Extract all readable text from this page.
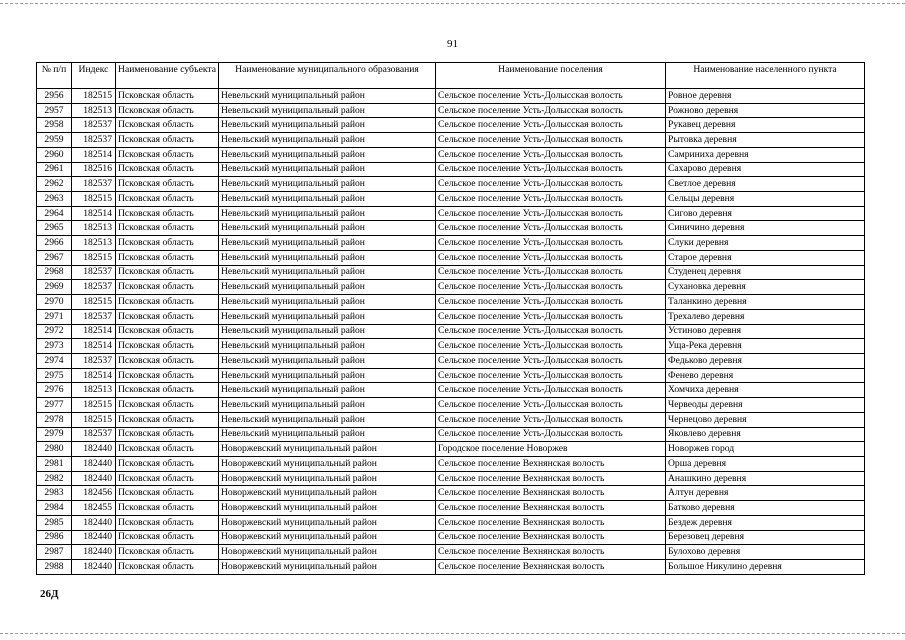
91
№ п/п	Индекс	Наименование субъекта	Наименование муниципального образования	Наименование поселения	Наименование населенного пункта
2956	182515	Псковская область	Невельский муниципальный район	Сельское поселение Усть-Долысская волость	Ровное деревня
2957	182513	Псковская область	Невельский муниципальный район	Сельское поселение Усть-Долысская волость	Рожново деревня
2958	182537	Псковская область	Невельский муниципальный район	Сельское поселение Усть-Долысская волость	Рукавец деревня
2959	182537	Псковская область	Невельский муниципальный район	Сельское поселение Усть-Долысская волость	Рытовка деревня
2960	182514	Псковская область	Невельский муниципальный район	Сельское поселение Усть-Долысская волость	Самриниха деревня
2961	182516	Псковская область	Невельский муниципальный район	Сельское поселение Усть-Долысская волость	Сахарово деревня
2962	182537	Псковская область	Невельский муниципальный район	Сельское поселение Усть-Долысская волость	Светлое деревня
2963	182515	Псковская область	Невельский муниципальный район	Сельское поселение Усть-Долысская волость	Сельцы деревня
2964	182514	Псковская область	Невельский муниципальный район	Сельское поселение Усть-Долысская волость	Сигово деревня
2965	182513	Псковская область	Невельский муниципальный район	Сельское поселение Усть-Долысская волость	Синичино деревня
2966	182513	Псковская область	Невельский муниципальный район	Сельское поселение Усть-Долысская волость	Слуки деревня
2967	182515	Псковская область	Невельский муниципальный район	Сельское поселение Усть-Долысская волость	Старое деревня
2968	182537	Псковская область	Невельский муниципальный район	Сельское поселение Усть-Долысская волость	Студенец деревня
2969	182537	Псковская область	Невельский муниципальный район	Сельское поселение Усть-Долысская волость	Сухановка деревня
2970	182515	Псковская область	Невельский муниципальный район	Сельское поселение Усть-Долысская волость	Таланкино деревня
2971	182537	Псковская область	Невельский муниципальный район	Сельское поселение Усть-Долысская волость	Трехалево деревня
2972	182514	Псковская область	Невельский муниципальный район	Сельское поселение Усть-Долысская волость	Устиново деревня
2973	182514	Псковская область	Невельский муниципальный район	Сельское поселение Усть-Долысская волость	Уща-Река деревня
2974	182537	Псковская область	Невельский муниципальный район	Сельское поселение Усть-Долысская волость	Федьково деревня
2975	182514	Псковская область	Невельский муниципальный район	Сельское поселение Усть-Долысская волость	Фенево деревня
2976	182513	Псковская область	Невельский муниципальный район	Сельское поселение Усть-Долысская волость	Хомчиха деревня
2977	182515	Псковская область	Невельский муниципальный район	Сельское поселение Усть-Долысская волость	Червеоды деревня
2978	182515	Псковская область	Невельский муниципальный район	Сельское поселение Усть-Долысская волость	Чернецово деревня
2979	182537	Псковская область	Невельский муниципальный район	Сельское поселение Усть-Долысская волость	Яковлево деревня
2980	182440	Псковская область	Новоржевский муниципальный район	Городское поселение Новоржев	Новоржев город
2981	182440	Псковская область	Новоржевский муниципальный район	Сельское поселение Вехнянская волость	Орша деревня
2982	182440	Псковская область	Новоржевский муниципальный район	Сельское поселение Вехнянская волость	Анашкино деревня
2983	182456	Псковская область	Новоржевский муниципальный район	Сельское поселение Вехнянская волость	Алтун деревня
2984	182455	Псковская область	Новоржевский муниципальный район	Сельское поселение Вехнянская волость	Батково деревня
2985	182440	Псковская область	Новоржевский муниципальный район	Сельское поселение Вехнянская волость	Бездеж деревня
2986	182440	Псковская область	Новоржевский муниципальный район	Сельское поселение Вехнянская волость	Березовец деревня
2987	182440	Псковская область	Новоржевский муниципальный район	Сельское поселение Вехнянская волость	Булохово деревня
2988	182440	Псковская область	Новоржевский муниципальный район	Сельское поселение Вехнянская волость	Большое Никулино деревня
26Д
